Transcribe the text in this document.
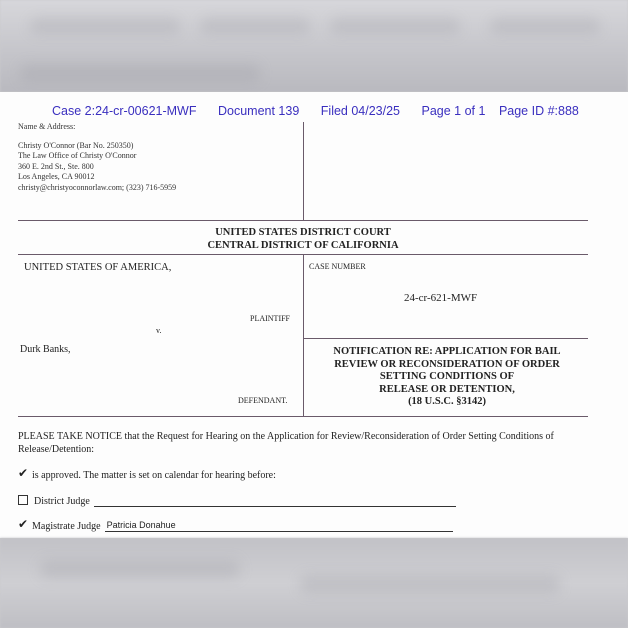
Case 2:24-cr-00621-MWF Document 139 Filed 04/23/25 Page 1 of 1 Page ID #:888
Name & Address:
Christy O'Connor (Bar No. 250350)
The Law Office of Christy O'Connor
360 E. 2nd St., Ste. 800
Los Angeles, CA 90012
christy@christyoconnorlaw.com; (323) 716-5959
UNITED STATES DISTRICT COURT
CENTRAL DISTRICT OF CALIFORNIA
UNITED STATES OF AMERICA,
PLAINTIFF
v.
Durk Banks,
DEFENDANT.
CASE NUMBER
24-cr-621-MWF
NOTIFICATION RE: APPLICATION FOR BAIL
REVIEW OR RECONSIDERATION OF ORDER
SETTING CONDITIONS OF
RELEASE OR DETENTION,
(18 U.S.C. §3142)
PLEASE TAKE NOTICE that the Request for Hearing on the Application for Review/Reconsideration of Order Setting Conditions of Release/Detention:
✔ is approved. The matter is set on calendar for hearing before:
District Judge
✔ Magistrate Judge Patricia Donahue
